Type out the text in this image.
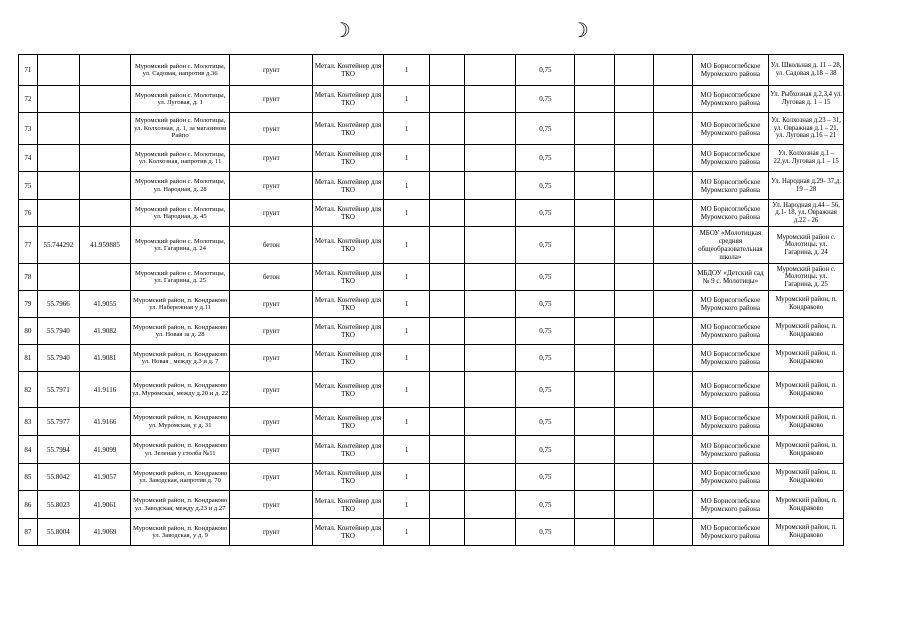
☽	☽
71			Муромский район с. Молотицы, ул. Садовая, напротив д.36	грунт	Метал. Контейнер для ТКО	1			0,75				МО Борисоглебское Муромского района	Ул. Школьная д. 11 – 28, ул. Садовая д.18 – 38
72			Муромский район с. Молотицы, ул. Луговая, д. 1	грунт	Метал. Контейнер для ТКО	1			0,75				МО Борисоглебское Муромского района	Ул. Рыбхозная д.2,3,4 ул. Луговая д. 1 – 15
73			Муромский район с. Молотицы, ул. Колхозная, д. 1, за магазином Райпо	грунт	Метал. Контейнер для ТКО	1			0,75				МО Борисоглебское Муромского района	Ул. Колхозная д.23 – 31, ул. Овражная д.1 – 21, ул. Луговая д.16 – 21
74			Муромский район с. Молотицы, ул. Колхозная, напротив д. 11	грунт	Метал. Контейнер для ТКО	1			0,75				МО Борисоглебское Муромского района	Ул. Колхозная д.1 – 22,ул. Луговая д.1 – 15
75			Муромский район с. Молотицы, ул. Народная, д. 28	грунт	Метал. Контейнер для ТКО	1			0,75				МО Борисоглебское Муромского района	Ул. Народная д.29- 37,д. 19 – 28
76			Муромский район с. Молотицы, ул. Народная, д. 45	грунт	Метал. Контейнер для ТКО	1			0,75				МО Борисоглебское Муромского района	Ул. Народная д.44 – 56, д.1- 18, ул. Овражная д.22 - 26
77	55.744292	41.959885	Муромский район с. Молотицы, ул. Гагарина, д. 24	бетон	Метал. Контейнер для ТКО	1			0,75				МБОУ «Молотицкая средняя общеобразовательная школа»	Муромский район с. Молотицы, ул. Гагарина, д. 24
78			Муромский район с. Молотицы, ул. Гагарина, д. 25	бетон	Метал. Контейнер для ТКО	1			0,75				МБДОУ «Детский сад № 9 с. Молотицы»	Муромский район с. Молотицы, ул. Гагарина, д. 25
79	55.7966	41.9055	Муромский район, п. Кондраково ул. Набережная у д.11	грунт	Метал. Контейнер для ТКО	1			0,75				МО Борисоглебское Муромского района	Муромский район, п. Кондраково
80	55.7940	41.9082	Муромский район, п. Кондраково ул. Новая за д. 28	грунт	Метал. Контейнер для ТКО	1			0,75				МО Борисоглебское Муромского района	Муромский район, п. Кондраково
81	55.7940	41.9081	Муромский район, п. Кондраково ул. Новая , между д.3 и д. 7	грунт	Метал. Контейнер для ТКО	1			0,75				МО Борисоглебское Муромского района	Муромский район, п. Кондраково
82	55.7971	41.9116	Муромский район, п. Кондраково ул. Муромская, между д.20 и д. 22	грунт	Метал. Контейнер для ТКО	1			0,75				МО Борисоглебское Муромского района	Муромский район, п. Кондраково
83	55.7977	41.9166	Муромский район, п. Кондраково ул. Муромская, у д. 31	грунт	Метал. Контейнер для ТКО	1			0,75				МО Борисоглебское Муромского района	Муромский район, п. Кондраково
84	55.7994	41.9099	Муромский район, п. Кондраково ул. Зеленая у столба №11	грунт	Метал. Контейнер для ТКО	1			0,75				МО Борисоглебское Муромского района	Муромский район, п. Кондраково
85	55.8042	41.9057	Муромский район, п. Кондраково ул. Заводская, напротив д. 70	грунт	Метал. Контейнер для ТКО	1			0,75				МО Борисоглебское Муромского района	Муромский район, п. Кондраково
86	55.8023	41.9061	Муромский район, п. Кондраково ул. Заводская, между д.23 и д.27	грунт	Метал. Контейнер для ТКО	1			0,75				МО Борисоглебское Муромского района	Муромский район, п. Кондраково
87	55.8004	41.9069	Муромский район, п. Кондраково ул. Заводская, у д. 9	грунт	Метал. Контейнер для ТКО	1			0,75				МО Борисоглебское Муромского района	Муромский район, п. Кондраково
